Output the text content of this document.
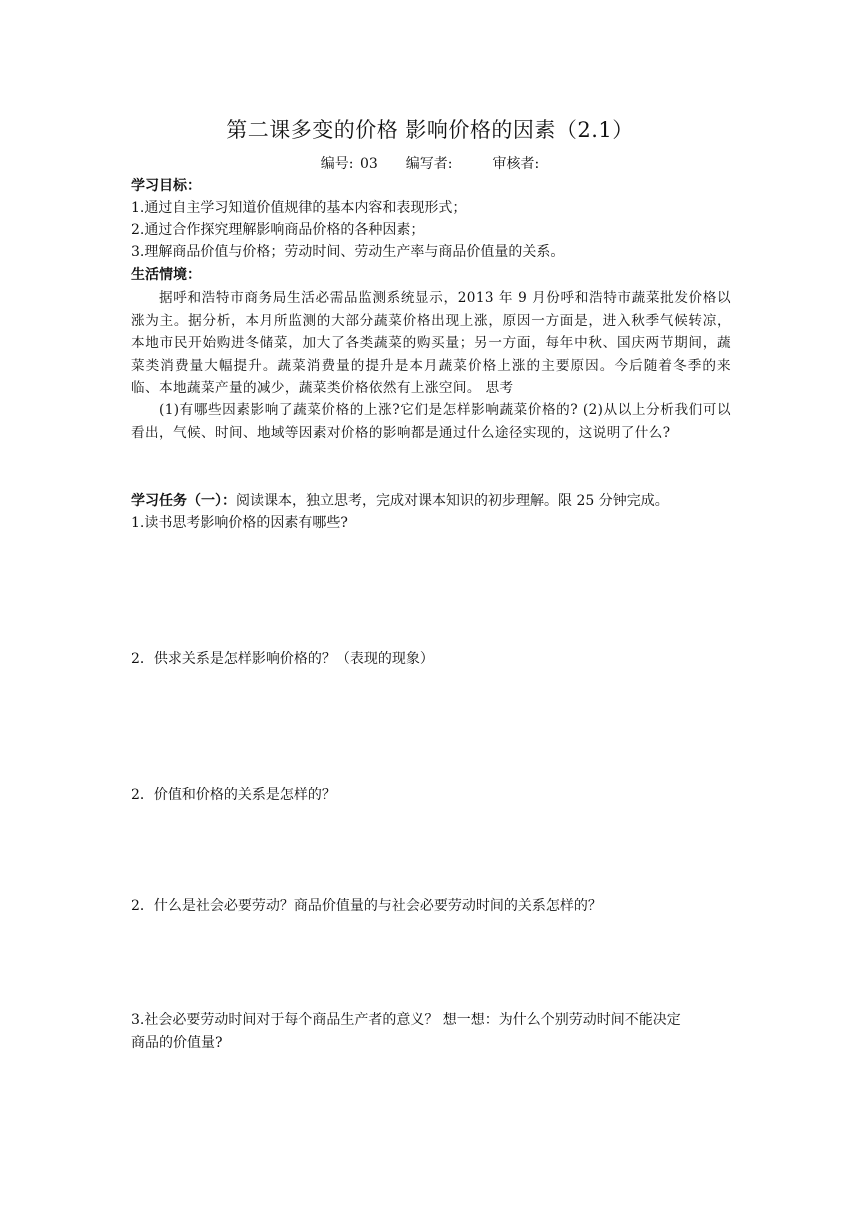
第二课多变的价格 影响价格的因素（2.1）
编号: 03 编写者:	审核者:
学习目标：
1.通过自主学习知道价值规律的基本内容和表现形式；
2.通过合作探究理解影响商品价格的各种因素；
3.理解商品价值与价格；劳动时间、劳动生产率与商品价值量的关系。
生活情境：
据呼和浩特市商务局生活必需品监测系统显示，2013 年 9 月份呼和浩特市蔬菜批发价格以涨为主。据分析，本月所监测的大部分蔬菜价格出现上涨，原因一方面是，进入秋季气候转凉，本地市民开始购进冬储菜，加大了各类蔬菜的购买量；另一方面，每年中秋、国庆两节期间，蔬菜类消费量大幅提升。蔬菜消费量的提升是本月蔬菜价格上涨的主要原因。今后随着冬季的来临、本地蔬菜产量的减少，蔬菜类价格依然有上涨空间。 思考
(1)有哪些因素影响了蔬菜价格的上涨?它们是怎样影响蔬菜价格的? (2)从以上分析我们可以看出，气候、时间、地域等因素对价格的影响都是通过什么途径实现的，这说明了什么?
学习任务（一）：阅读课本，独立思考，完成对课本知识的初步理解。限 25 分钟完成。
1.读书思考影响价格的因素有哪些?
2．供求关系是怎样影响价格的？（表现的现象）
2．价值和价格的关系是怎样的？
2．什么是社会必要劳动？商品价值量的与社会必要劳动时间的关系怎样的？
3.社会必要劳动时间对于每个商品生产者的意义？ 想一想：为什么个别劳动时间不能决定
商品的价值量?
